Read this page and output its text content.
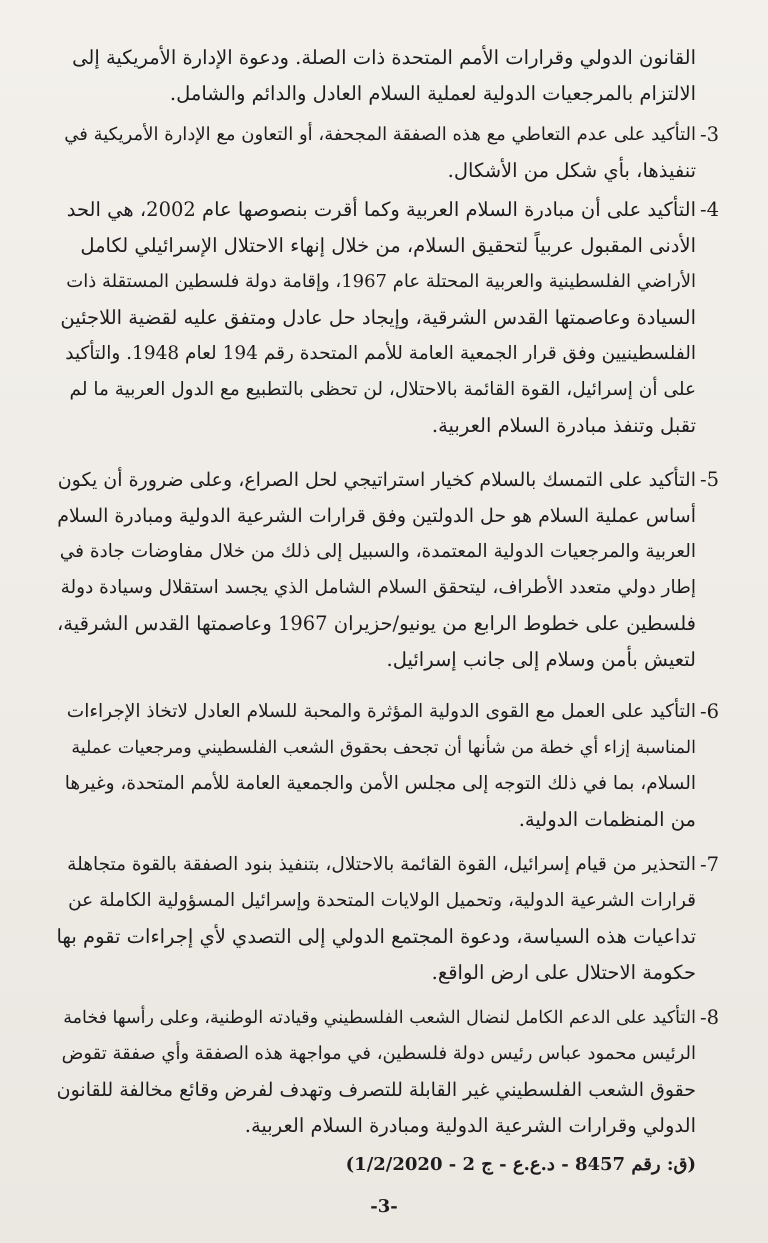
القانون الدولي وقرارات الأمم المتحدة ذات الصلة. ودعوة الإدارة الأمريكية إلى
الالتزام بالمرجعيات الدولية لعملية السلام العادل والدائم والشامل.
-3
التأكيد على عدم التعاطي مع هذه الصفقة المجحفة، أو التعاون مع الإدارة الأمريكية في
تنفيذها، بأي شكل من الأشكال.
-4
التأكيد على أن مبادرة السلام العربية وكما أقرت بنصوصها عام 2002، هي الحد
الأدنى المقبول عربياً لتحقيق السلام، من خلال إنهاء الاحتلال الإسرائيلي لكامل
الأراضي الفلسطينية والعربية المحتلة عام 1967، وإقامة دولة فلسطين المستقلة ذات
السيادة وعاصمتها القدس الشرقية، وإيجاد حل عادل ومتفق عليه لقضية اللاجئين
الفلسطينيين وفق قرار الجمعية العامة للأمم المتحدة رقم 194 لعام 1948. والتأكيد
على أن إسرائيل، القوة القائمة بالاحتلال، لن تحظى بالتطبيع مع الدول العربية ما لم
تقبل وتنفذ مبادرة السلام العربية.
-5
التأكيد على التمسك بالسلام كخيار استراتيجي لحل الصراع، وعلى ضرورة أن يكون
أساس عملية السلام هو حل الدولتين وفق قرارات الشرعية الدولية ومبادرة السلام
العربية والمرجعيات الدولية المعتمدة، والسبيل إلى ذلك من خلال مفاوضات جادة في
إطار دولي متعدد الأطراف، ليتحقق السلام الشامل الذي يجسد استقلال وسيادة دولة
فلسطين على خطوط الرابع من يونيو/حزيران 1967 وعاصمتها القدس الشرقية،
لتعيش بأمن وسلام إلى جانب إسرائيل.
-6
التأكيد على العمل مع القوى الدولية المؤثرة والمحبة للسلام العادل لاتخاذ الإجراءات
المناسبة إزاء أي خطة من شأنها أن تجحف بحقوق الشعب الفلسطيني ومرجعيات عملية
السلام، بما في ذلك التوجه إلى مجلس الأمن والجمعية العامة للأمم المتحدة، وغيرها
من المنظمات الدولية.
-7
التحذير من قيام إسرائيل، القوة القائمة بالاحتلال، بتنفيذ بنود الصفقة بالقوة متجاهلة
قرارات الشرعية الدولية، وتحميل الولايات المتحدة وإسرائيل المسؤولية الكاملة عن
تداعيات هذه السياسة، ودعوة المجتمع الدولي إلى التصدي لأي إجراءات تقوم بها
حكومة الاحتلال على ارض الواقع.
-8
التأكيد على الدعم الكامل لنضال الشعب الفلسطيني وقيادته الوطنية، وعلى رأسها فخامة
الرئيس محمود عباس رئيس دولة فلسطين، في مواجهة هذه الصفقة وأي صفقة تقوض
حقوق الشعب الفلسطيني غير القابلة للتصرف وتهدف لفرض وقائع مخالفة للقانون
الدولي وقرارات الشرعية الدولية ومبادرة السلام العربية.
(ق: رقم 8457 - د.ع.ع - ج 2 - 1/2/2020)
-3-
